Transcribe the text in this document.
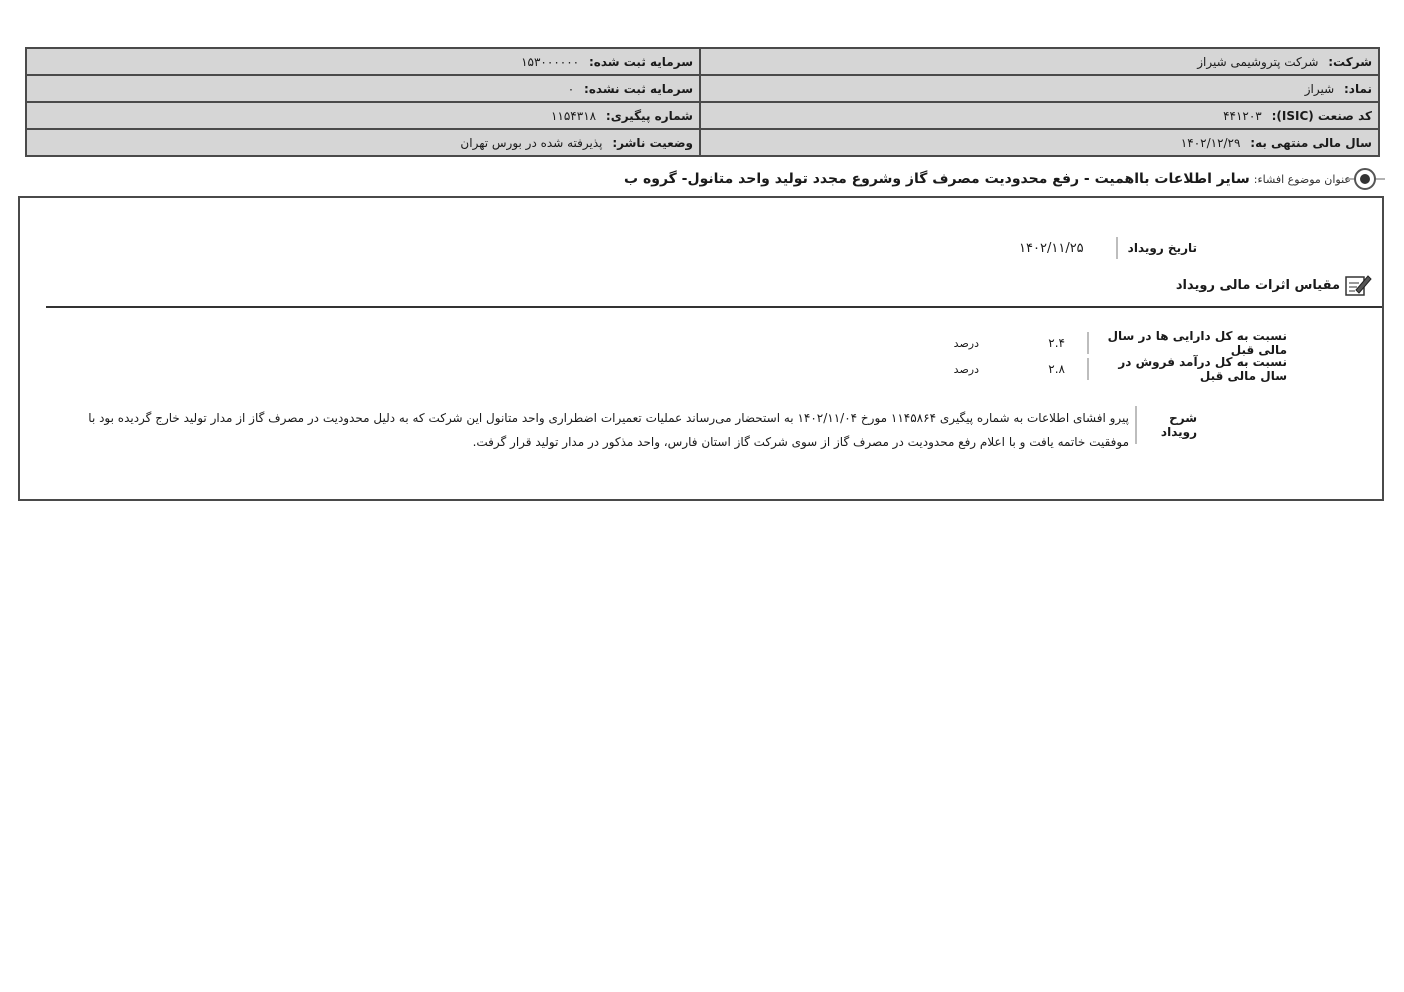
شرکت: شرکت پتروشیمی شیراز	سرمایه ثبت شده: ۱۵۳۰۰۰۰۰۰
نماد: شیراز	سرمایه ثبت نشده: ۰
کد صنعت (ISIC): ۴۴۱۲۰۳	شماره پیگیری: ۱۱۵۴۳۱۸
سال مالی منتهی به: ۱۴۰۲/۱۲/۲۹	وضعیت ناشر: پذیرفته شده در بورس تهران
عنوان موضوع افشاء:
سایر اطلاعات بااهمیت - رفع محدودیت مصرف گاز وشروع مجدد تولید واحد متانول- گروه ب
تاریخ رویداد
۱۴۰۲/۱۱/۲۵
مقیاس اثرات مالی رویداد
نسبت به کل دارایی ها در سال مالی قبل
۲.۴
درصد
نسبت به کل درآمد فروش در سال مالی قبل
۲.۸
درصد
شرح رویداد
پیرو افشای اطلاعات به شماره پیگیری ۱۱۴۵۸۶۴ مورخ ۱۴۰۲/۱۱/۰۴ به استحضار می‌رساند عملیات تعمیرات اضطراری واحد متانول این شرکت که به دلیل محدودیت در مصرف گاز از مدار تولید خارج گردیده بود با موفقیت خاتمه یافت و با اعلام رفع محدودیت در مصرف گاز از سوی شرکت گاز استان فارس، واحد مذکور در مدار تولید قرار گرفت.
